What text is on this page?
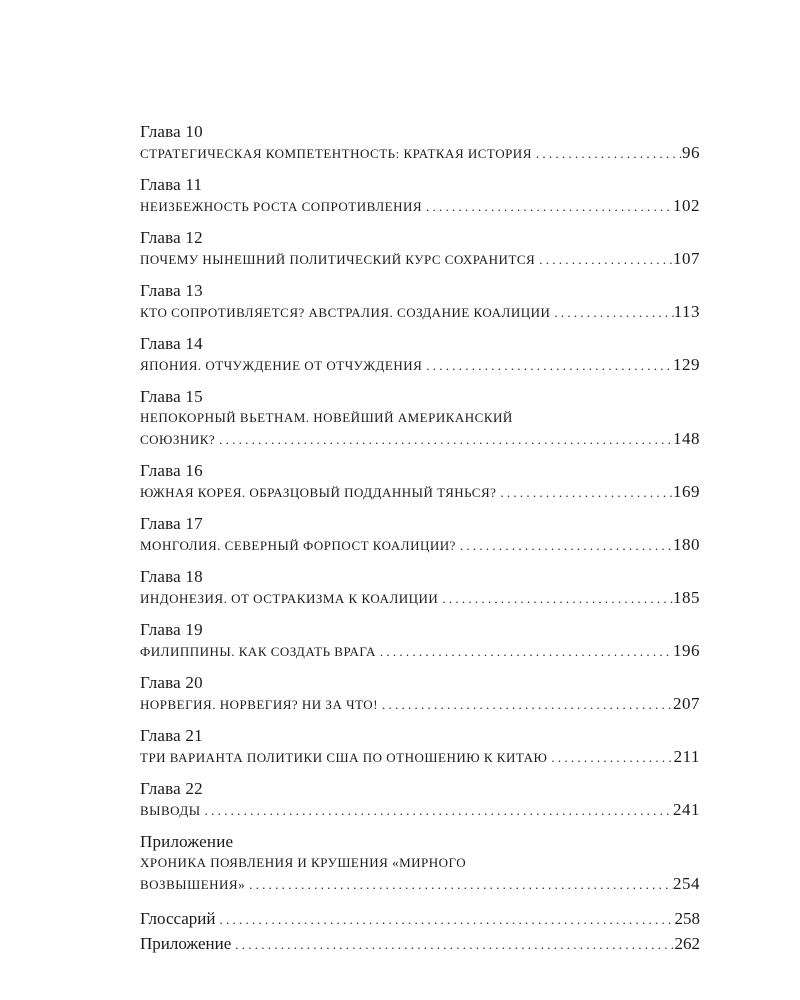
Глава 10
СТРАТЕГИЧЕСКАЯ КОМПЕТЕНТНОСТЬ: КРАТКАЯ ИСТОРИЯ . . .	96
Глава 11
НЕИЗБЕЖНОСТЬ РОСТА СОПРОТИВЛЕНИЯ . . .	102
Глава 12
ПОЧЕМУ НЫНЕШНИЙ ПОЛИТИЧЕСКИЙ КУРС СОХРАНИТСЯ . . .	107
Глава 13
КТО СОПРОТИВЛЯЕТСЯ? АВСТРАЛИЯ. СОЗДАНИЕ КОАЛИЦИИ . . .	113
Глава 14
ЯПОНИЯ. ОТЧУЖДЕНИЕ ОТ ОТЧУЖДЕНИЯ . . .	129
Глава 15
НЕПОКОРНЫЙ ВЬЕТНАМ. НОВЕЙШИЙ АМЕРИКАНСКИЙ
СОЮЗНИК? . . .	148
Глава 16
ЮЖНАЯ КОРЕЯ. ОБРАЗЦОВЫЙ ПОДДАННЫЙ ТЯНЬСЯ? . . .	169
Глава 17
МОНГОЛИЯ. СЕВЕРНЫЙ ФОРПОСТ КОАЛИЦИИ? . . .	180
Глава 18
ИНДОНЕЗИЯ. ОТ ОСТРАКИЗМА К КОАЛИЦИИ . . .	185
Глава 19
ФИЛИППИНЫ. КАК СОЗДАТЬ ВРАГА . . .	196
Глава 20
НОРВЕГИЯ. НОРВЕГИЯ? НИ ЗА ЧТО! . . .	207
Глава 21
ТРИ ВАРИАНТА ПОЛИТИКИ США ПО ОТНОШЕНИЮ К КИТАЮ . . .	211
Глава 22
ВЫВОДЫ . . .	241
Приложение
ХРОНИКА ПОЯВЛЕНИЯ И КРУШЕНИЯ «МИРНОГО
ВОЗВЫШЕНИЯ» . . .	254
Глоссарий . . .	258
Приложение . . .	262
